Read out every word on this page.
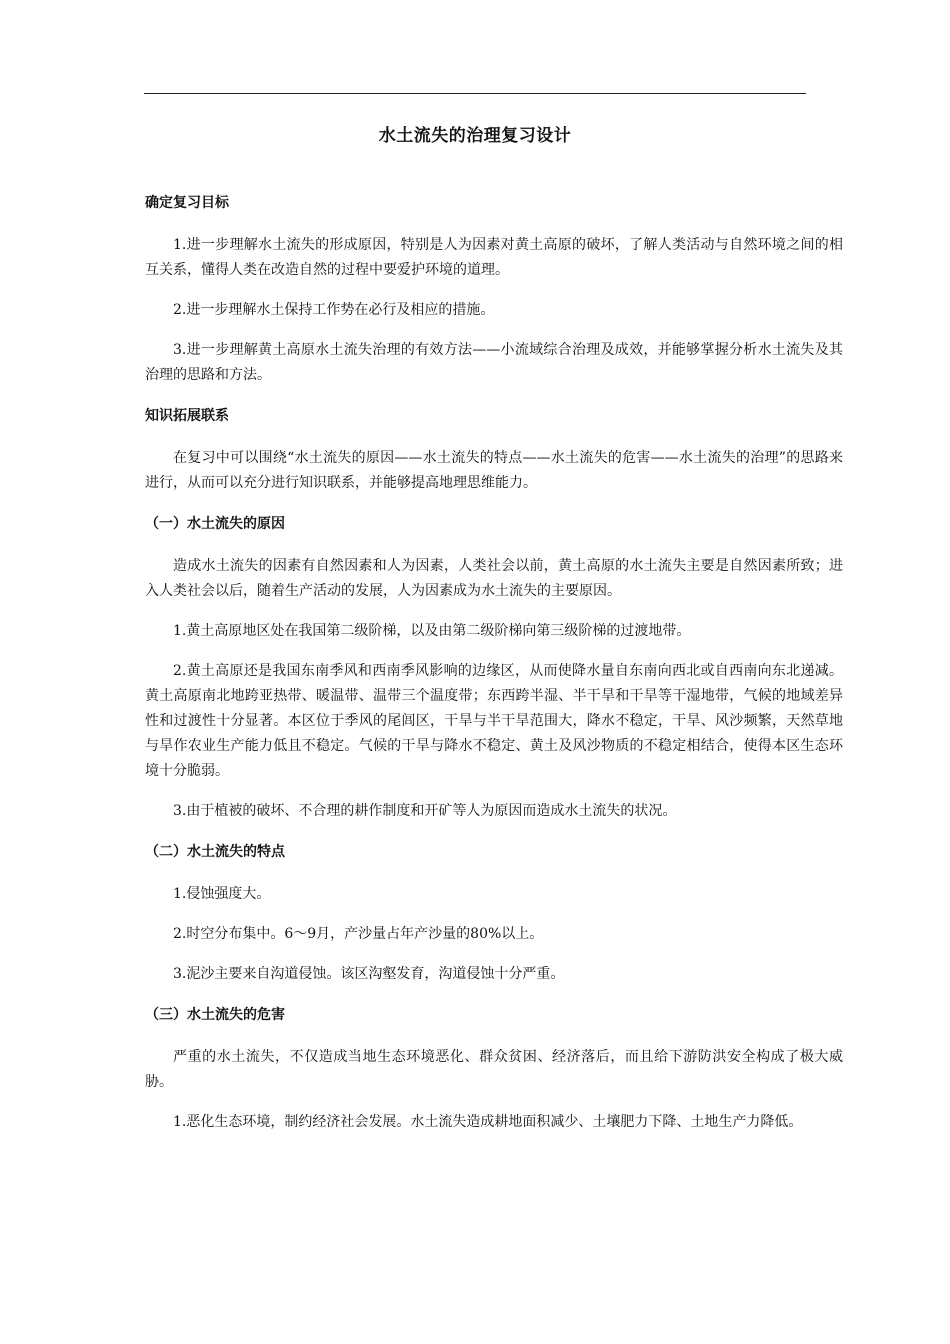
水土流失的治理复习设计
确定复习目标

1.进一步理解水土流失的形成原因，特别是人为因素对黄土高原的破坏，了解人类活动与自然环境之间的相互关系，懂得人类在改造自然的过程中要爱护环境的道理。

2.进一步理解水土保持工作势在必行及相应的措施。

3.进一步理解黄土高原水土流失治理的有效方法——小流域综合治理及成效，并能够掌握分析水土流失及其治理的思路和方法。

知识拓展联系

在复习中可以围绕“水土流失的原因——水土流失的特点——水土流失的危害——水土流失的治理”的思路来进行，从而可以充分进行知识联系，并能够提高地理思维能力。

（一）水土流失的原因

造成水土流失的因素有自然因素和人为因素，人类社会以前，黄土高原的水土流失主要是自然因素所致；进入人类社会以后，随着生产活动的发展，人为因素成为水土流失的主要原因。

1.黄土高原地区处在我国第二级阶梯，以及由第二级阶梯向第三级阶梯的过渡地带。

2.黄土高原还是我国东南季风和西南季风影响的边缘区，从而使降水量自东南向西北或自西南向东北递减。黄土高原南北地跨亚热带、暖温带、温带三个温度带；东西跨半湿、半干旱和干旱等干湿地带，气候的地域差异性和过渡性十分显著。本区位于季风的尾闾区，干旱与半干旱范围大，降水不稳定，干旱、风沙频繁，天然草地与旱作农业生产能力低且不稳定。气候的干旱与降水不稳定、黄土及风沙物质的不稳定相结合，使得本区生态环境十分脆弱。

3.由于植被的破坏、不合理的耕作制度和开矿等人为原因而造成水土流失的状况。

（二）水土流失的特点

1.侵蚀强度大。

2.时空分布集中。6～9月，产沙量占年产沙量的80%以上。

3.泥沙主要来自沟道侵蚀。该区沟壑发育，沟道侵蚀十分严重。

（三）水土流失的危害

严重的水土流失，不仅造成当地生态环境恶化、群众贫困、经济落后，而且给下游防洪安全构成了极大威胁。

1.恶化生态环境，制约经济社会发展。水土流失造成耕地面积减少、土壤肥力下降、土地生产力降低。
